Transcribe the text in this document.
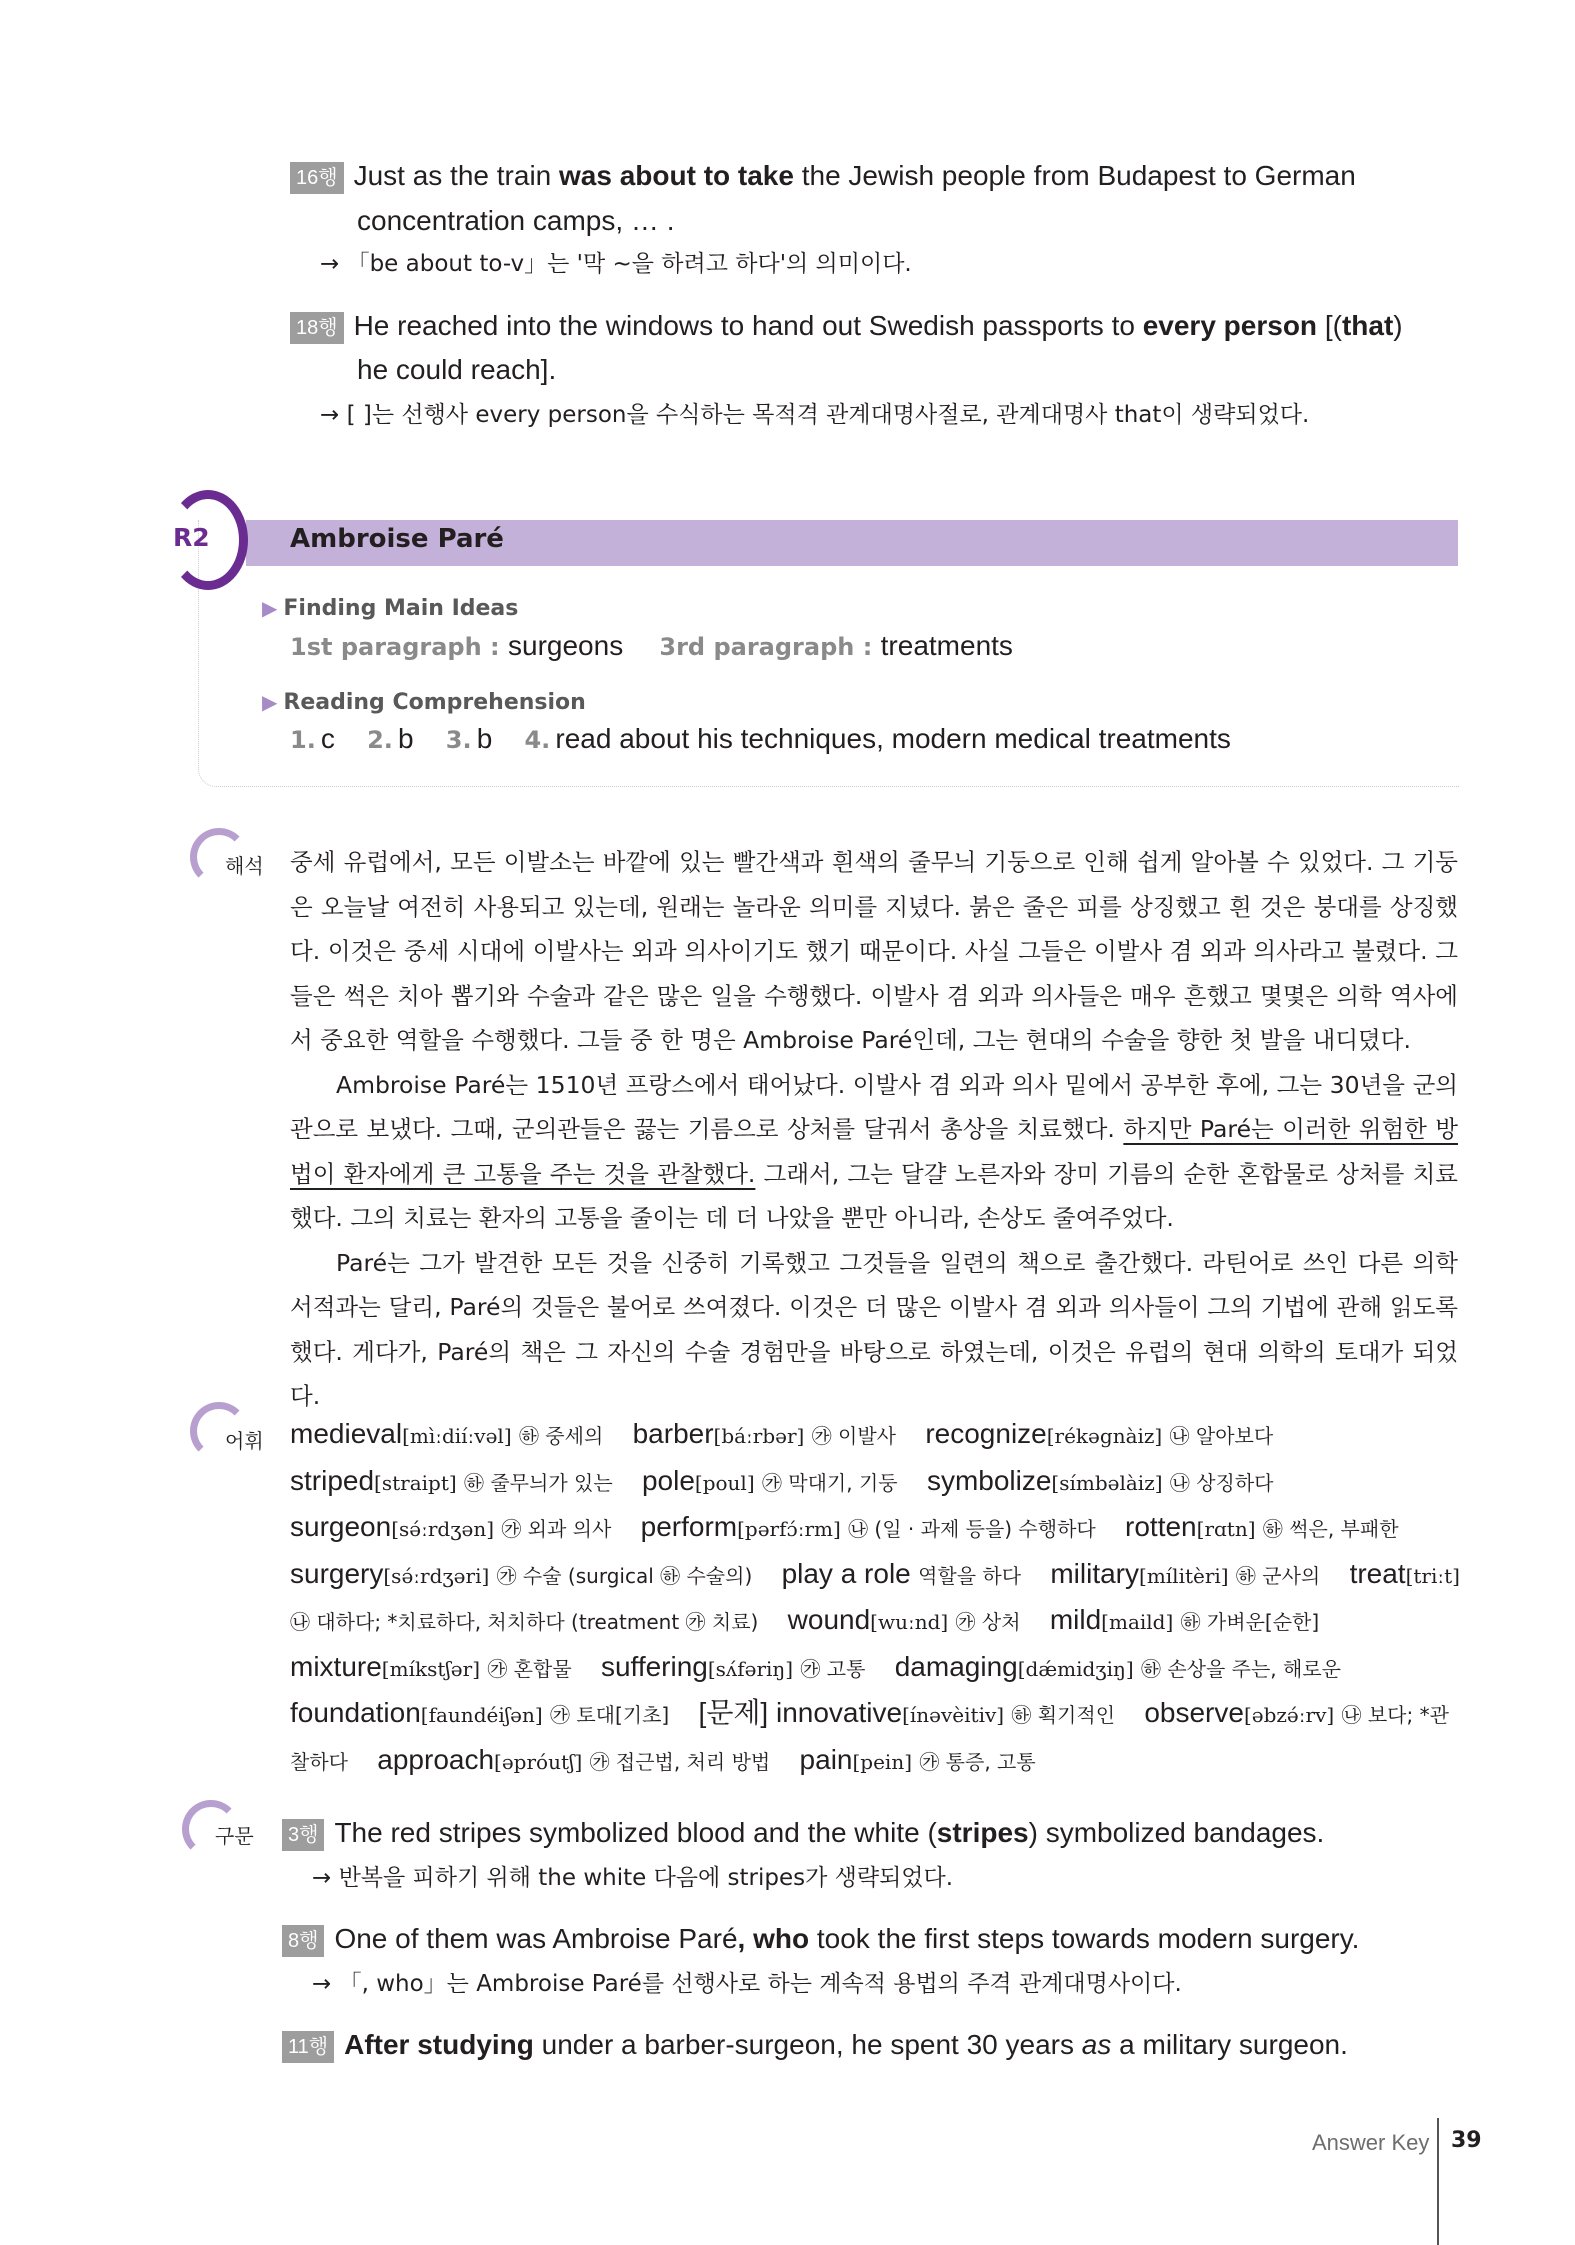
16행 Just as the train was about to take the Jewish people from Budapest to German
concentration camps, … .
→ 「be about to-v」는 '막 ~을 하려고 하다'의 의미이다.
18행 He reached into the windows to hand out Swedish passports to every person [(that)
he could reach].
→ [ ]는 선행사 every person을 수식하는 목적격 관계대명사절로, 관계대명사 that이 생략되었다.
R2	Ambroise Paré
▶ Finding Main Ideas
1st paragraph : surgeons 3rd paragraph : treatments
▶ Reading Comprehension
1. c 2. b 3. b 4. read about his techniques, modern medical treatments
해석 중세 유럽에서, 모든 이발소는 바깥에 있는 빨간색과 흰색의 줄무늬 기둥으로 인해 쉽게 알아볼 수 있었다. 그 기둥은 오늘날 여전히 사용되고 있는데, 원래는 놀라운 의미를 지녔다. 붉은 줄은 피를 상징했고 흰 것은 붕대를 상징했다. 이것은 중세 시대에 이발사는 외과 의사이기도 했기 때문이다. 사실 그들은 이발사 겸 외과 의사라고 불렸다. 그들은 썩은 치아 뽑기와 수술과 같은 많은 일을 수행했다. 이발사 겸 외과 의사들은 매우 흔했고 몇몇은 의학 역사에서 중요한 역할을 수행했다. 그들 중 한 명은 Ambroise Paré인데, 그는 현대의 수술을 향한 첫 발을 내디뎠다.

Ambroise Paré는 1510년 프랑스에서 태어났다. 이발사 겸 외과 의사 밑에서 공부한 후에, 그는 30년을 군의관으로 보냈다. 그때, 군의관들은 끓는 기름으로 상처를 달궈서 총상을 치료했다. 하지만 Paré는 이러한 위험한 방법이 환자에게 큰 고통을 주는 것을 관찰했다. 그래서, 그는 달걀 노른자와 장미 기름의 순한 혼합물로 상처를 치료했다. 그의 치료는 환자의 고통을 줄이는 데 더 나았을 뿐만 아니라, 손상도 줄여주었다.

Paré는 그가 발견한 모든 것을 신중히 기록했고 그것들을 일련의 책으로 출간했다. 라틴어로 쓰인 다른 의학 서적과는 달리, Paré의 것들은 불어로 쓰여졌다. 이것은 더 많은 이발사 겸 외과 의사들이 그의 기법에 관해 읽도록 했다. 게다가, Paré의 책은 그 자신의 수술 경험만을 바탕으로 하였는데, 이것은 유럽의 현대 의학의 토대가 되었다.

어휘 medieval[mìːdiíːvəl] ㉻ 중세의 barber[báːrbər] ㉮ 이발사 recognize[rékəgnàiz] ㉯ 알아보다 striped[straipt] ㉻ 줄무늬가 있는 pole[poul] ㉮ 막대기, 기둥 symbolize[símbəlàiz] ㉯ 상징하다 surgeon[sə́ːrdʒən] ㉮ 외과 의사 perform[pərfɔ́ːrm] ㉯ (일 · 과제 등을) 수행하다 rotten[rɑtn] ㉻ 썩은, 부패한 surgery[sə́ːrdʒəri] ㉮ 수술 (surgical ㉻ 수술의) play a role 역할을 하다 military[mílitèri] ㉻ 군사의 treat[triːt] ㉯ 대하다; *치료하다, 처치하다 (treatment ㉮ 치료) wound[wuːnd] ㉮ 상처 mild[maild] ㉻ 가벼운[순한] mixture[míkstʃər] ㉮ 혼합물 suffering[sʌ́fəriŋ] ㉮ 고통 damaging[dǽmidʒiŋ] ㉻ 손상을 주는, 해로운 foundation[faundéiʃən] ㉮ 토대[기초] [문제] innovative[ínəvèitiv] ㉻ 획기적인 observe[əbzə́ːrv] ㉯ 보다; *관찰하다 approach[əpróutʃ] ㉮ 접근법, 처리 방법 pain[pein] ㉮ 통증, 고통
구문	3행 The red stripes symbolized blood and the white (stripes) symbolized bandages.
→ 반복을 피하기 위해 the white 다음에 stripes가 생략되었다.
8행 One of them was Ambroise Paré, who took the first steps towards modern surgery.
→ 「, who」는 Ambroise Paré를 선행사로 하는 계속적 용법의 주격 관계대명사이다.
11행 After studying under a barber-surgeon, he spent 30 years as a military surgeon.
Answer Key 39
